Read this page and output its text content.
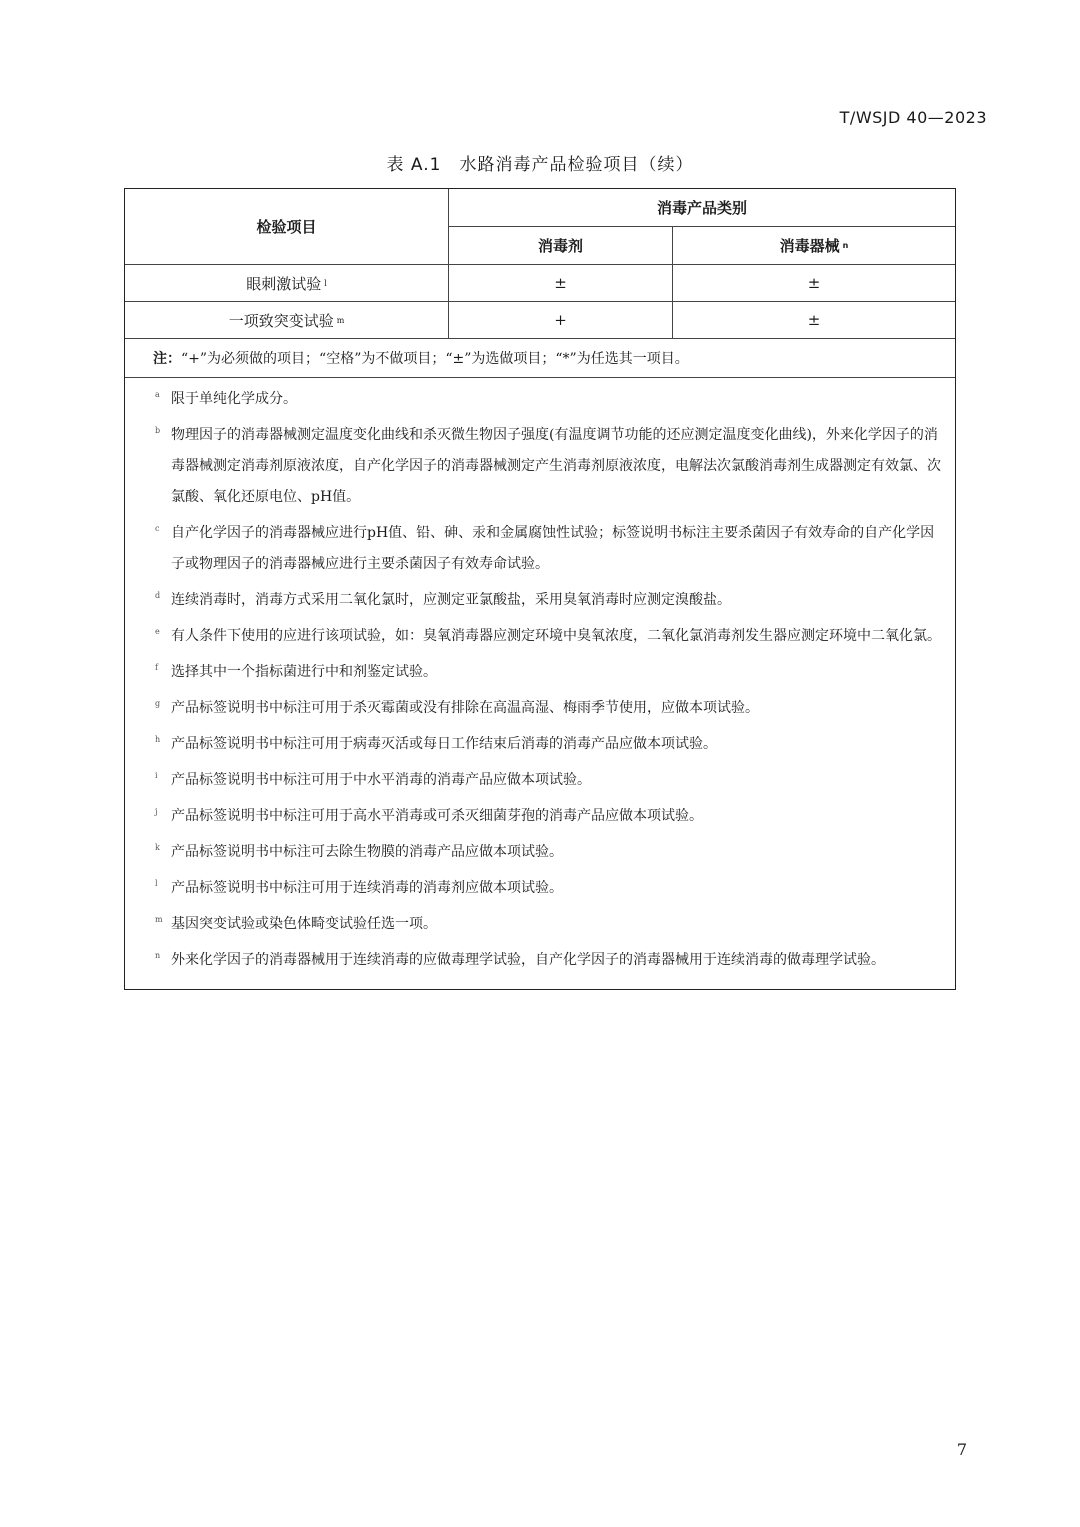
T/WSJD 40—2023
表 A.1　水路消毒产品检验项目（续）
检验项目
消毒产品类别
消毒剂	消毒器械 n
眼刺激试验 l	±	±
一项致突变试验 m	+	±
注： “+”为必须做的项目；“空格”为不做项目；“±”为选做项目；“*”为任选其一项目。
a 限于单纯化学成分。
b 物理因子的消毒器械测定温度变化曲线和杀灭微生物因子强度(有温度调节功能的还应测定温度变化曲线)，外来化学因子的消毒器械测定消毒剂原液浓度，自产化学因子的消毒器械测定产生消毒剂原液浓度，电解法次氯酸消毒剂生成器测定有效氯、次氯酸、氧化还原电位、pH值。
c 自产化学因子的消毒器械应进行pH值、铅、砷、汞和金属腐蚀性试验；标签说明书标注主要杀菌因子有效寿命的自产化学因子或物理因子的消毒器械应进行主要杀菌因子有效寿命试验。
d 连续消毒时，消毒方式采用二氧化氯时，应测定亚氯酸盐，采用臭氧消毒时应测定溴酸盐。
e 有人条件下使用的应进行该项试验，如：臭氧消毒器应测定环境中臭氧浓度，二氧化氯消毒剂发生器应测定环境中二氧化氯。
f 选择其中一个指标菌进行中和剂鉴定试验。
g 产品标签说明书中标注可用于杀灭霉菌或没有排除在高温高湿、梅雨季节使用，应做本项试验。
h 产品标签说明书中标注可用于病毒灭活或每日工作结束后消毒的消毒产品应做本项试验。
i 产品标签说明书中标注可用于中水平消毒的消毒产品应做本项试验。
j 产品标签说明书中标注可用于高水平消毒或可杀灭细菌芽孢的消毒产品应做本项试验。
k 产品标签说明书中标注可去除生物膜的消毒产品应做本项试验。
l 产品标签说明书中标注可用于连续消毒的消毒剂应做本项试验。
m 基因突变试验或染色体畸变试验任选一项。
n 外来化学因子的消毒器械用于连续消毒的应做毒理学试验，自产化学因子的消毒器械用于连续消毒的做毒理学试验。
7
